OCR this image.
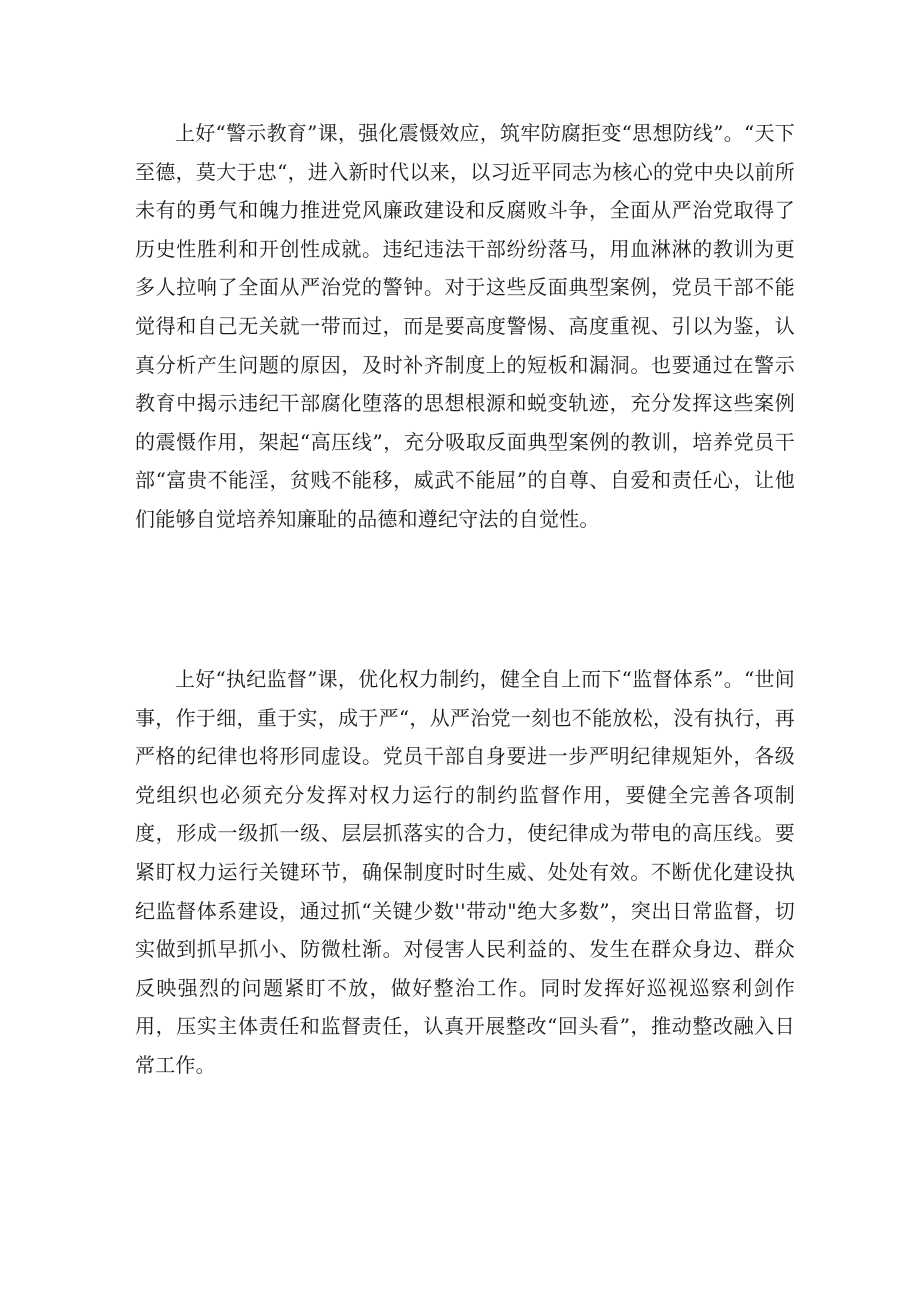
上好“警示教育”课，强化震慑效应，筑牢防腐拒变“思想防线”。“天下至德，莫大于忠“，进入新时代以来，以习近平同志为核心的党中央以前所未有的勇气和魄力推进党风廉政建设和反腐败斗争，全面从严治党取得了历史性胜利和开创性成就。违纪违法干部纷纷落马，用血淋淋的教训为更多人拉响了全面从严治党的警钟。对于这些反面典型案例，党员干部不能觉得和自己无关就一带而过，而是要高度警惕、高度重视、引以为鉴，认真分析产生问题的原因，及时补齐制度上的短板和漏洞。也要通过在警示教育中揭示违纪干部腐化堕落的思想根源和蜕变轨迹，充分发挥这些案例的震慑作用，架起“高压线”，充分吸取反面典型案例的教训，培养党员干部“富贵不能淫，贫贱不能移，威武不能屈”的自尊、自爱和责任心，让他们能够自觉培养知廉耻的品德和遵纪守法的自觉性。

上好“执纪监督”课，优化权力制约，健全自上而下“监督体系”。“世间事，作于细，重于实，成于严“，从严治党一刻也不能放松，没有执行，再严格的纪律也将形同虚设。党员干部自身要进一步严明纪律规矩外，各级党组织也必须充分发挥对权力运行的制约监督作用，要健全完善各项制度，形成一级抓一级、层层抓落实的合力，使纪律成为带电的高压线。要紧盯权力运行关键环节，确保制度时时生威、处处有效。不断优化建设执纪监督体系建设，通过抓“关键少数''带动"绝大多数”，突出日常监督，切实做到抓早抓小、防微杜渐。对侵害人民利益的、发生在群众身边、群众反映强烈的问题紧盯不放，做好整治工作。同时发挥好巡视巡察利剑作用，压实主体责任和监督责任，认真开展整改“回头看”，推动整改融入日常工作。
